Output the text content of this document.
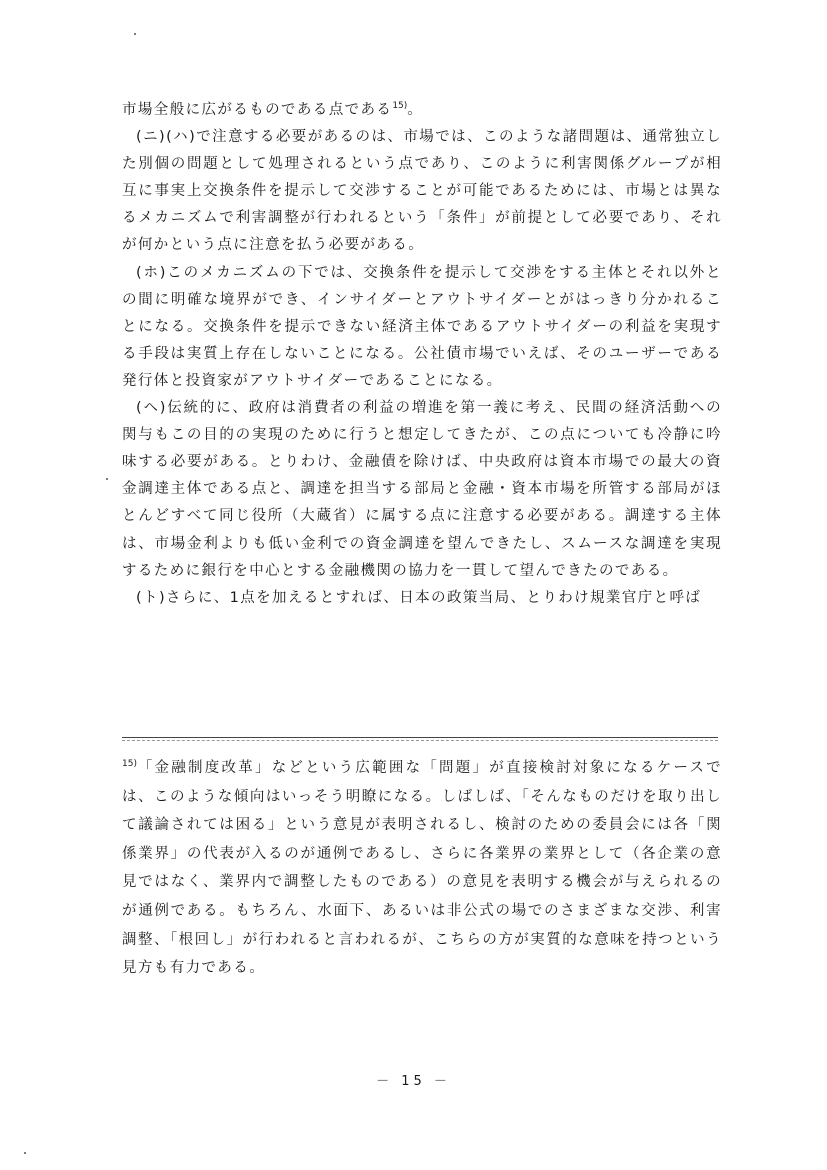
市場全般に広がるものである点である$^{15)}$。

(ニ)(ハ)で注意する必要があるのは、市場では、このような諸問題は、通常独立した別個の問題として処理されるという点であり、このように利害関係グループが相互に事実上交換条件を提示して交渉することが可能であるためには、市場とは異なるメカニズムで利害調整が行われるという「条件」が前提として必要であり、それが何かという点に注意を払う必要がある。

(ホ)このメカニズムの下では、交換条件を提示して交渉をする主体とそれ以外との間に明確な境界ができ、インサイダーとアウトサイダーとがはっきり分かれることになる。交換条件を提示できない経済主体であるアウトサイダーの利益を実現する手段は実質上存在しないことになる。公社債市場でいえば、そのユーザーである発行体と投資家がアウトサイダーであることになる。

(ヘ)伝統的に、政府は消費者の利益の増進を第一義に考え、民間の経済活動への関与もこの目的の実現のために行うと想定してきたが、この点についても冷静に吟味する必要がある。とりわけ、金融債を除けば、中央政府は資本市場での最大の資金調達主体である点と、調達を担当する部局と金融・資本市場を所管する部局がほとんどすべて同じ役所（大蔵省）に属する点に注意する必要がある。調達する主体は、市場金利よりも低い金利での資金調達を望んできたし、スムースな調達を実現するために銀行を中心とする金融機関の協力を一貫して望んできたのである。

(ト)さらに、1点を加えるとすれば、日本の政策当局、とりわけ規業官庁と呼ば

$^{15)}$「金融制度改革」などという広範囲な「問題」が直接検討対象になるケースでは、このような傾向はいっそう明瞭になる。しばしば、「そんなものだけを取り出して議論されては困る」という意見が表明されるし、検討のための委員会には各「関係業界」の代表が入るのが通例であるし、さらに各業界の業界として（各企業の意見ではなく、業界内で調整したものである）の意見を表明する機会が与えられるのが通例である。もちろん、水面下、あるいは非公式の場でのさまざまな交渉、利害調整、「根回し」が行われると言われるが、こちらの方が実質的な意味を持つという見方も有力である。

－ 15 －
